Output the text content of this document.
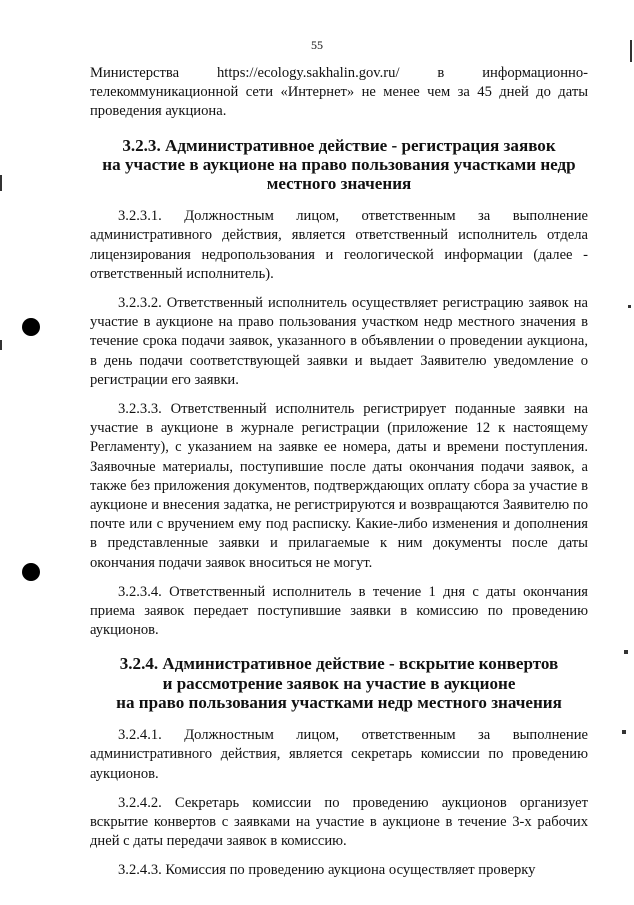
55

Министерства https://ecology.sakhalin.gov.ru/ в информационно-
телекоммуникационной сети «Интернет» не менее чем за 45 дней до даты проведения аукциона.

3.2.3. Административное действие - регистрация заявок
на участие в аукционе на право пользования участками недр
местного значения

3.2.3.1. Должностным лицом, ответственным за выполнение административного действия, является ответственный исполнитель отдела лицензирования недропользования и геологической информации (далее - ответственный исполнитель).

3.2.3.2. Ответственный исполнитель осуществляет регистрацию заявок на участие в аукционе на право пользования участком недр местного значения в течение срока подачи заявок, указанного в объявлении о проведении аукциона, в день подачи соответствующей заявки и выдает Заявителю уведомление о регистрации его заявки.

3.2.3.3. Ответственный исполнитель регистрирует поданные заявки на участие в аукционе в журнале регистрации (приложение 12 к настоящему Регламенту), с указанием на заявке ее номера, даты и времени поступления. Заявочные материалы, поступившие после даты окончания подачи заявок, а также без приложения документов, подтверждающих оплату сбора за участие в аукционе и внесения задатка, не регистрируются и возвращаются Заявителю по почте или с вручением ему под расписку. Какие-либо изменения и дополнения в представленные заявки и прилагаемые к ним документы после даты окончания подачи заявок вноситься не могут.

3.2.3.4. Ответственный исполнитель в течение 1 дня с даты окончания приема заявок передает поступившие заявки в комиссию по проведению аукционов.

3.2.4. Административное действие - вскрытие конвертов
и рассмотрение заявок на участие в аукционе
на право пользования участками недр местного значения

3.2.4.1. Должностным лицом, ответственным за выполнение административного действия, является секретарь комиссии по проведению аукционов.

3.2.4.2. Секретарь комиссии по проведению аукционов организует вскрытие конвертов с заявками на участие в аукционе в течение 3-х рабочих дней с даты передачи заявок в комиссию.

3.2.4.3. Комиссия по проведению аукциона осуществляет проверку
